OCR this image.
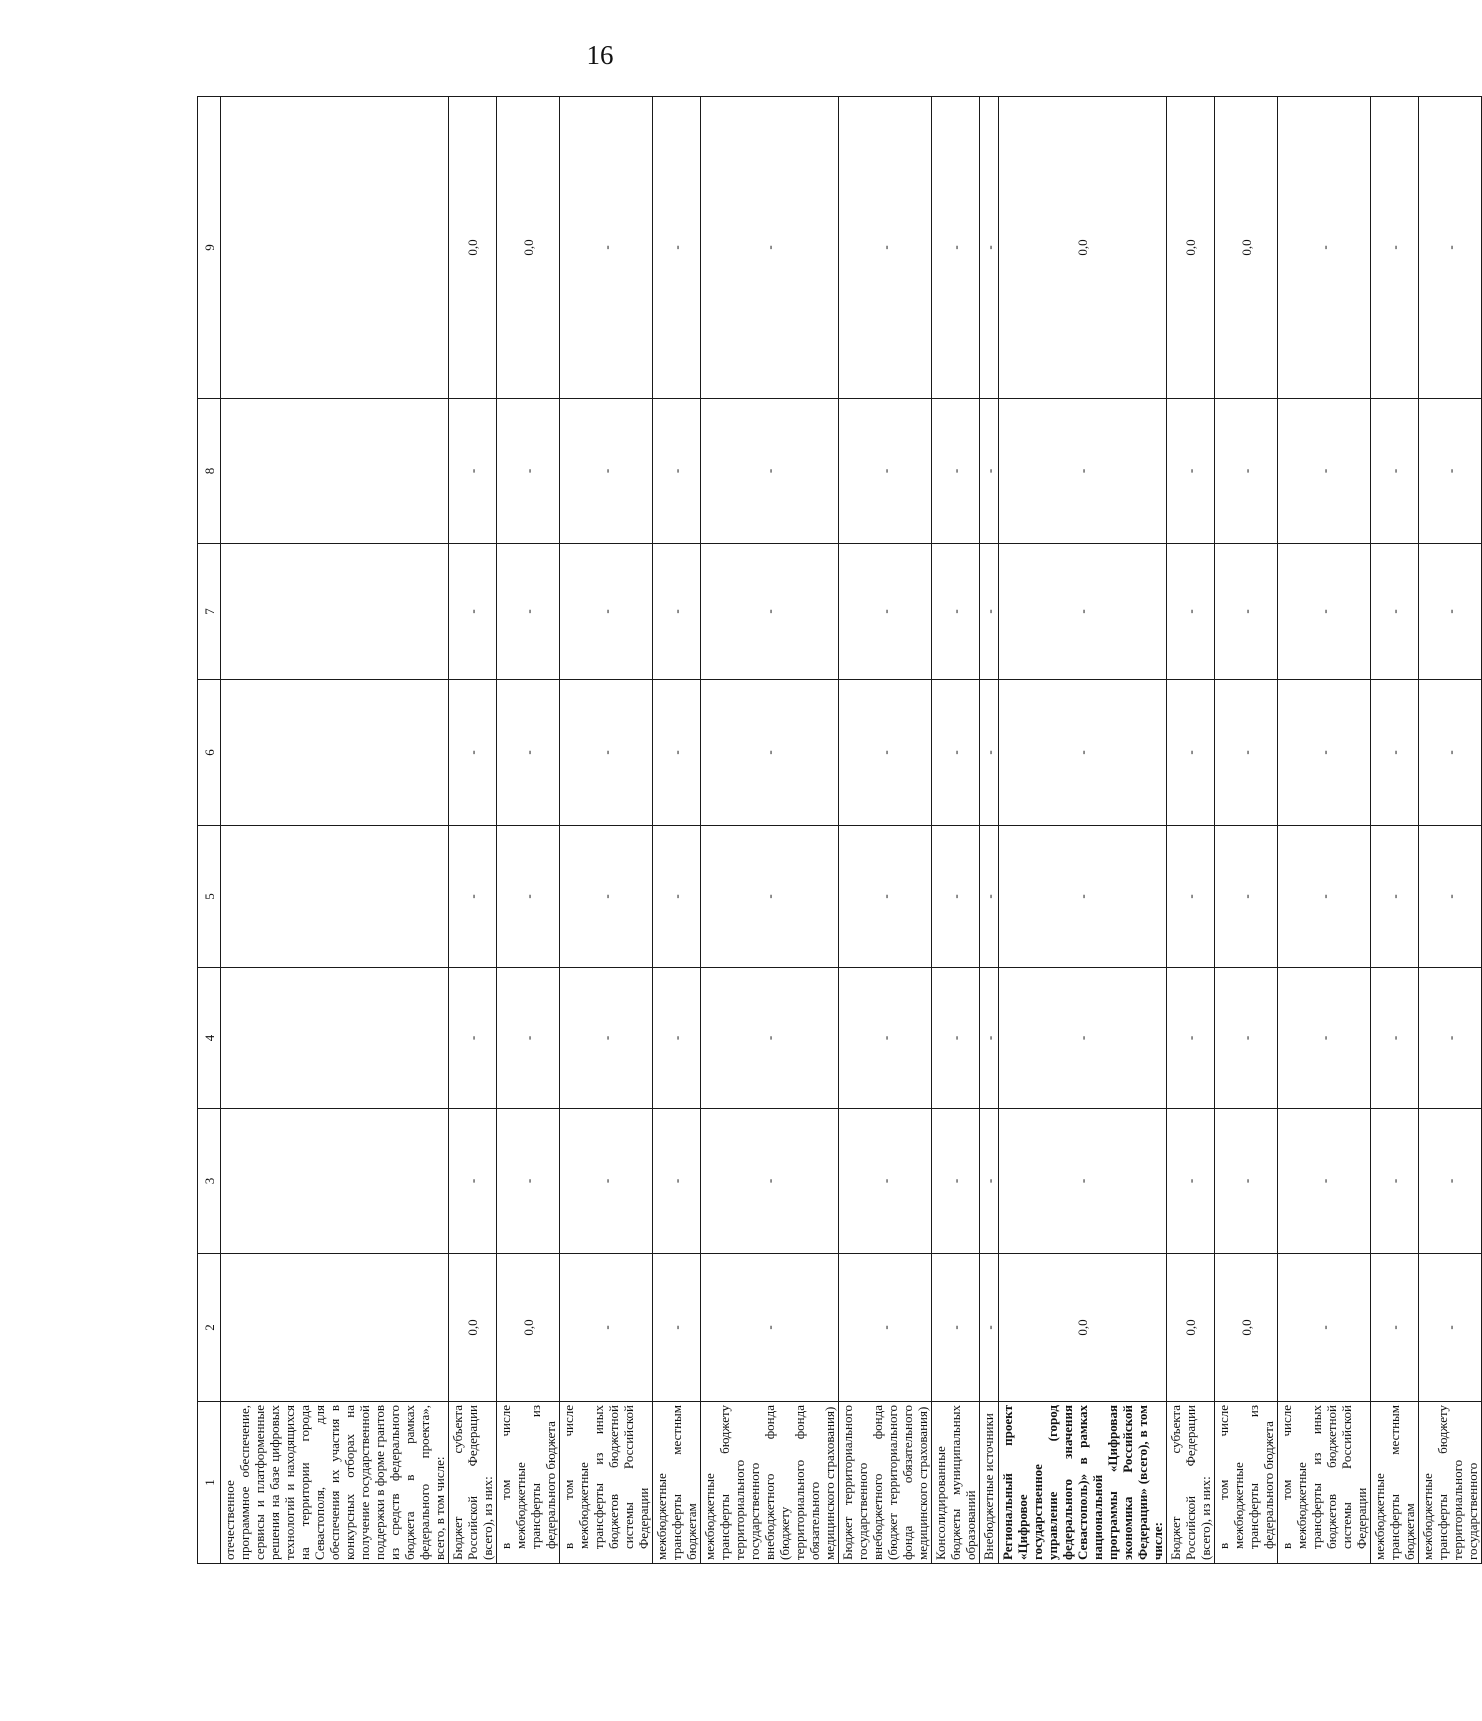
16
1	2	3	4	5	6	7	8	9
отечественное программное обеспечение, сервисы и платформенные решения на базе цифровых технологий и находящихся на территории города Севастополя, для обеспечения их участия в конкурсных отборах на получение государственной поддержки в форме грантов из средств федерального бюджета в рамках федерального проекта», всего, в том числе:								
Бюджет субъекта Российской Федерации (всего), из них:	0,0	-	-	-	-	-	-	0,0
в том числе межбюджетные трансферты из федерального бюджета	0,0	-	-	-	-	-	-	0,0
в том числе межбюджетные трансферты из иных бюджетов бюджетной системы Российской Федерации	-	-	-	-	-	-	-	-
межбюджетные трансферты местным бюджетам	-	-	-	-	-	-	-	-
межбюджетные трансферты бюджету территориального государственного внебюджетного фонда (бюджету территориального фонда обязательного медицинского страхования)	-	-	-	-	-	-	-	-
Бюджет территориального государственного внебюджетного фонда (бюджет территориального фонда обязательного медицинского страхования)	-	-	-	-	-	-	-	-
Консолидированные бюджеты муниципальных образований	-	-	-	-	-	-	-	-
Внебюджетные источники	-	-	-	-	-	-	-	-
Региональный проект «Цифровое государственное управление (город федерального значения Севастополь)» в рамках национальной программы «Цифровая экономика Российской Федерации» (всего), в том числе:	0,0	-	-	-	-	-	-	0,0
Бюджет субъекта Российской Федерации (всего), из них:	0,0	-	-	-	-	-	-	0,0
в том числе межбюджетные трансферты из федерального бюджета	0,0	-	-	-	-	-	-	0,0
в том числе межбюджетные трансферты из иных бюджетов бюджетной системы Российской Федерации	-	-	-	-	-	-	-	-
межбюджетные трансферты местным бюджетам	-	-	-	-	-	-	-	-
межбюджетные трансферты бюджету территориального государственного	-	-	-	-	-	-	-	-
